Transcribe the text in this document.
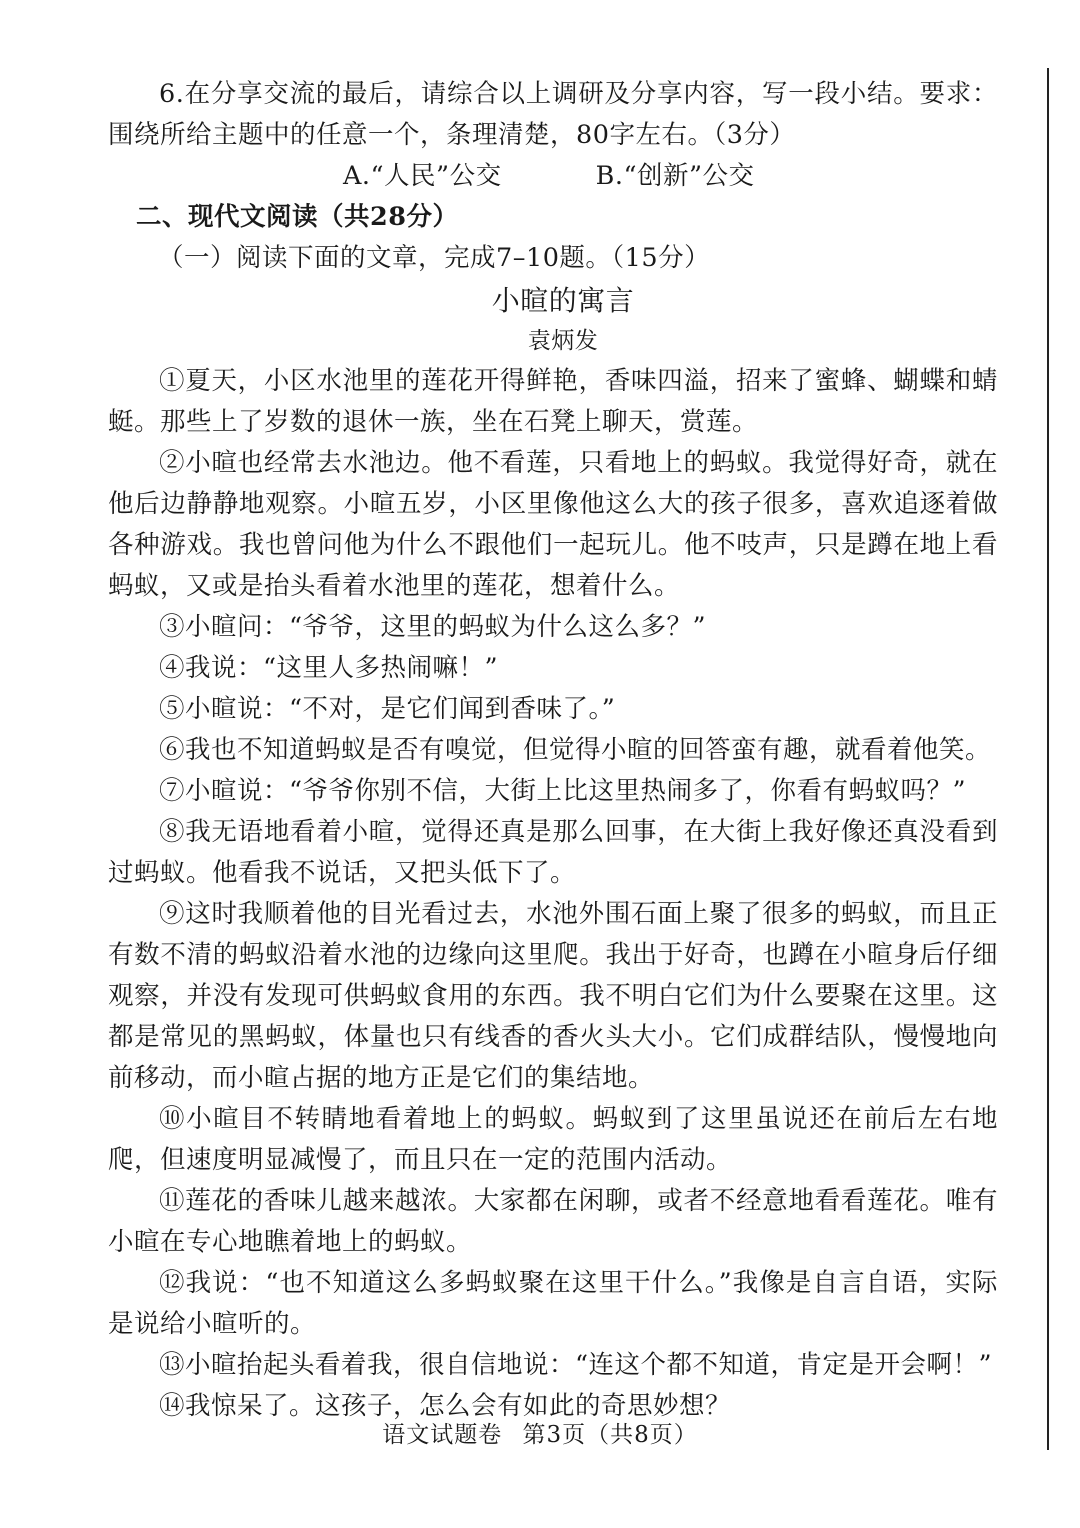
6.在分享交流的最后，请综合以上调研及分享内容，写一段小结。要求：围绕所给主题中的任意一个，条理清楚，80字左右。（3分）

A.“人民”公交	B.“创新”公交

二、现代文阅读（共28分）

（一）阅读下面的文章，完成7–10题。（15分）

小暄的寓言

袁炳发

①夏天，小区水池里的莲花开得鲜艳，香味四溢，招来了蜜蜂、蝴蝶和蜻蜓。那些上了岁数的退休一族，坐在石凳上聊天，赏莲。

②小暄也经常去水池边。他不看莲，只看地上的蚂蚁。我觉得好奇，就在他后边静静地观察。小暄五岁，小区里像他这么大的孩子很多，喜欢追逐着做各种游戏。我也曾问他为什么不跟他们一起玩儿。他不吱声，只是蹲在地上看蚂蚁，又或是抬头看着水池里的莲花，想着什么。

③小暄问：“爷爷，这里的蚂蚁为什么这么多？”

④我说：“这里人多热闹嘛！”

⑤小暄说：“不对，是它们闻到香味了。”

⑥我也不知道蚂蚁是否有嗅觉，但觉得小暄的回答蛮有趣，就看着他笑。

⑦小暄说：“爷爷你别不信，大街上比这里热闹多了，你看有蚂蚁吗？”

⑧我无语地看着小暄，觉得还真是那么回事，在大街上我好像还真没看到过蚂蚁。他看我不说话，又把头低下了。

⑨这时我顺着他的目光看过去，水池外围石面上聚了很多的蚂蚁，而且正有数不清的蚂蚁沿着水池的边缘向这里爬。我出于好奇，也蹲在小暄身后仔细观察，并没有发现可供蚂蚁食用的东西。我不明白它们为什么要聚在这里。这都是常见的黑蚂蚁，体量也只有线香的香火头大小。它们成群结队，慢慢地向前移动，而小暄占据的地方正是它们的集结地。

⑩小暄目不转睛地看着地上的蚂蚁。蚂蚁到了这里虽说还在前后左右地爬，但速度明显减慢了，而且只在一定的范围内活动。

⑪莲花的香味儿越来越浓。大家都在闲聊，或者不经意地看看莲花。唯有小暄在专心地瞧着地上的蚂蚁。

⑫我说：“也不知道这么多蚂蚁聚在这里干什么。”我像是自言自语，实际是说给小暄听的。

⑬小暄抬起头看着我，很自信地说：“连这个都不知道，肯定是开会啊！”

⑭我惊呆了。这孩子，怎么会有如此的奇思妙想？

语文试题卷 第3页（共8页）
